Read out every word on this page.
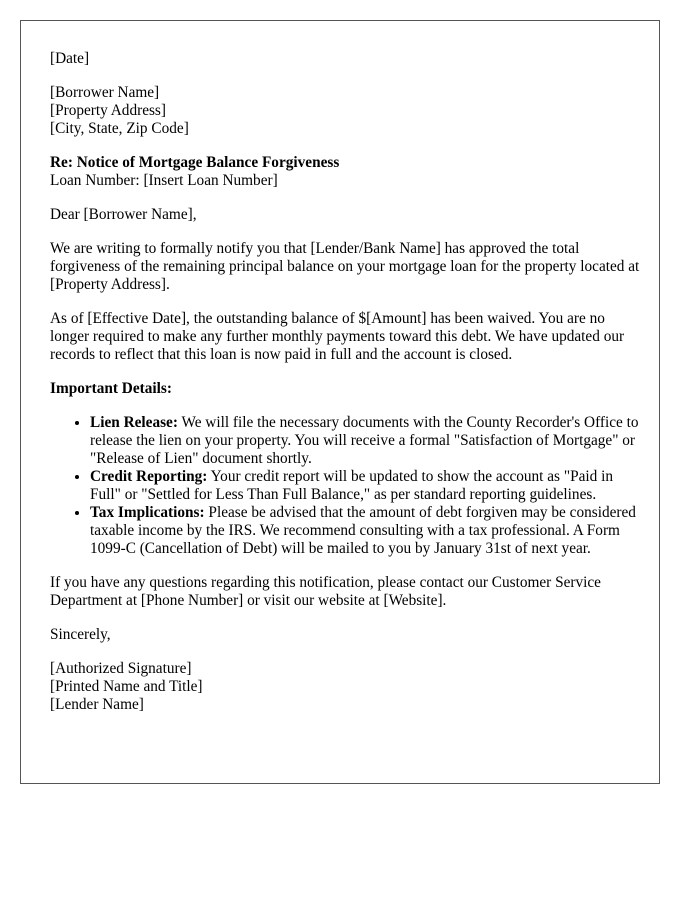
[Date]
[Borrower Name]
[Property Address]
[City, State, Zip Code]
Re: Notice of Mortgage Balance Forgiveness
Loan Number: [Insert Loan Number]
Dear [Borrower Name],
We are writing to formally notify you that [Lender/Bank Name] has approved the total forgiveness of the remaining principal balance on your mortgage loan for the property located at [Property Address].
As of [Effective Date], the outstanding balance of $[Amount] has been waived. You are no longer required to make any further monthly payments toward this debt. We have updated our records to reflect that this loan is now paid in full and the account is closed.
Important Details:
• Lien Release: We will file the necessary documents with the County Recorder's Office to release the lien on your property. You will receive a formal "Satisfaction of Mortgage" or "Release of Lien" document shortly.
• Credit Reporting: Your credit report will be updated to show the account as "Paid in Full" or "Settled for Less Than Full Balance," as per standard reporting guidelines.
• Tax Implications: Please be advised that the amount of debt forgiven may be considered taxable income by the IRS. We recommend consulting with a tax professional. A Form 1099-C (Cancellation of Debt) will be mailed to you by January 31st of next year.
If you have any questions regarding this notification, please contact our Customer Service Department at [Phone Number] or visit our website at [Website].
Sincerely,
[Authorized Signature]
[Printed Name and Title]
[Lender Name]
